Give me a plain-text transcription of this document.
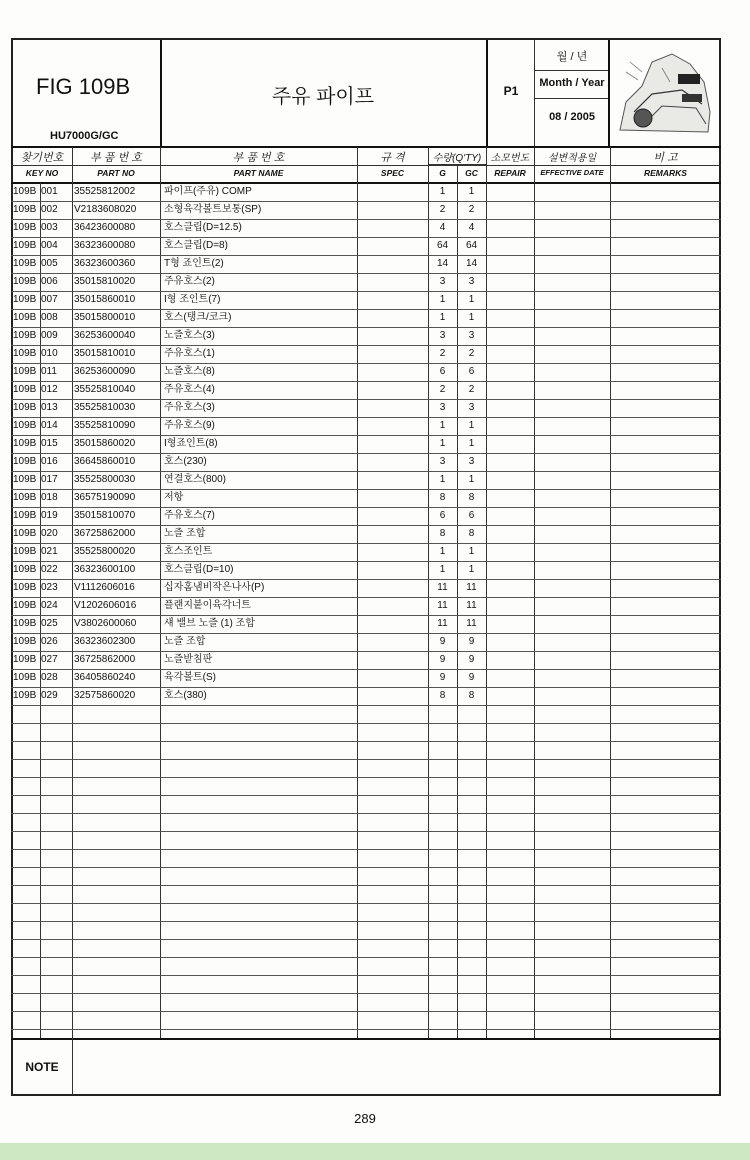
FIG 109B
HU7000G/GC
주유 파이프	P1
월 / 년
Month / Year
08 / 2005
찾기번호
KEY NO
부 품 번 호
PART NO
부 품 번 호
PART NAME
규 격
SPEC
수량(Q'TY)
G	GC
소모번도
REPAIR
설변적용일
EFFECTIVE DATE
비 고
REMARKS
109B 001	35525812002	파이프(주유) COMP	1	1
109B 002	V2183608020	소형육각볼트보통(SP)	2	2
109B 003	36423600080	호스클립(D=12.5)	4	4
109B 004	36323600080	호스클립(D=8)	64	64
109B 005	36323600360	T형 죠인트(2)	14	14
109B 006	35015810020	주유호스(2)	3	3
109B 007	35015860010	I형 조인트(7)	1	1
109B 008	35015800010	호스(탱크/코크)	1	1
109B 009	36253600040	노즐호스(3)	3	3
109B 010	35015810010	주유호스(1)	2	2
109B 011	36253600090	노즐호스(8)	6	6
109B 012	35525810040	주유호스(4)	2	2
109B 013	35525810030	주유호스(3)	3	3
109B 014	35525810090	주유호스(9)	1	1
109B 015	35015860020	I형죠인트(8)	1	1
109B 016	36645860010	호스(230)	3	3
109B 017	35525800030	연결호스(800)	1	1
109B 018	36575190090	저항	8	8
109B 019	35015810070	주유호스(7)	6	6
109B 020	36725862000	노즐 조합	8	8
109B 021	35525800020	호스조인트	1	1
109B 022	36323600100	호스클립(D=10)	1	1
109B 023	V1112606016	십자홈냄비작은나사(P)	11	11
109B 024	V1202606016	플랜지붙이육각너트	11	11
109B 025	V3802600060	섀 밸브 노즐 (1) 조합	11	11
109B 026	36323602300	노즐 조합	9	9
109B 027	36725862000	노즐받침판	9	9
109B 028	36405860240	육각볼트(S)	9	9
109B 029	32575860020	호스(380)	8	8
NOTE
289
